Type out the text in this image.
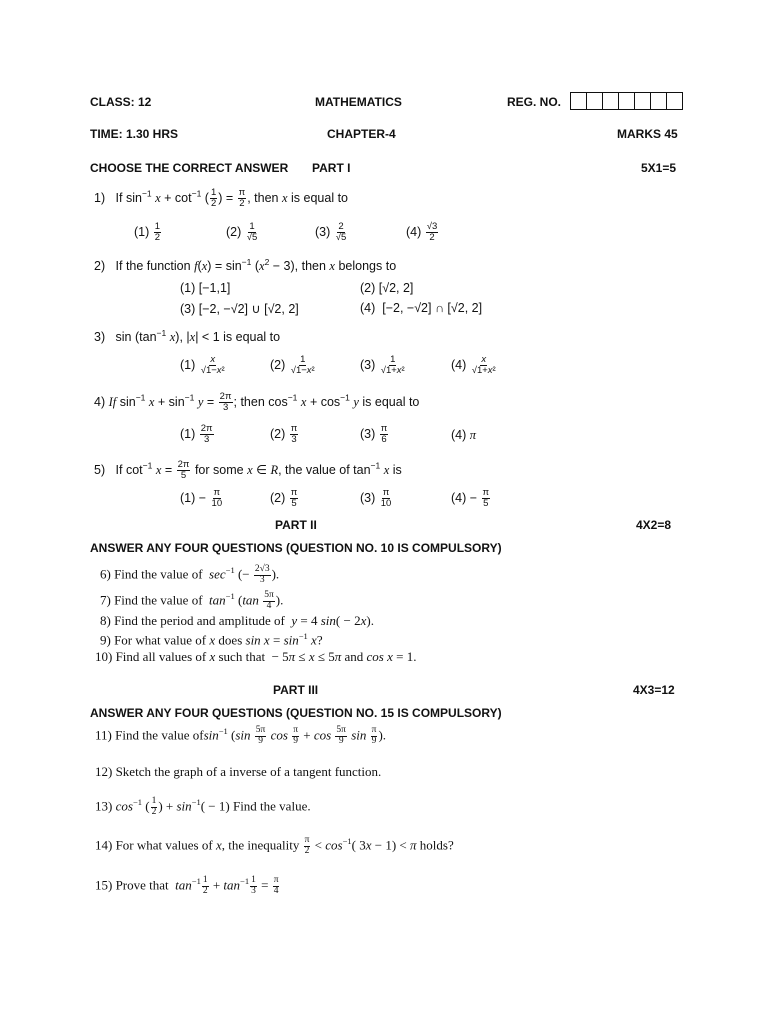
CLASS: 12	MATHEMATICS	REG. NO.
TIME: 1.30 HRS	CHAPTER-4	MARKS 45
CHOOSE THE CORRECT ANSWER PART I	5X1=5
1)   If $\sin^{-1} x + \cot^{-1}$ ( $\frac{1}{2}$ ) = $\frac{\pi}{2}$ , then x is equal to
$(1) \frac{1}{2}$	$(2) \frac{1}{√5}$	$(3) \frac{2}{√5}$	$(4) \frac{√3}{2}$
2)   If the function $f(x) = \sin^{-1} (x^2 - 3)$, then x belongs to
(1) [−1,1]	(2) [√2, 2]
(3) [−2, −√2] ∪ [√2, 2]	(4)  [−2, −√2] ∩ [√2, 2]
3)   $\sin (\tan^{-1}$ x), |x| < 1 is equal to
$(1) \frac{x}{\text{√1−x²}}$	$(2) \frac{1}{\text{√1−x²}}$	$(3) \frac{1}{\text{√1+x²}}$	$(4) \frac{x}{\text{√1+x²}}$
4) If $\sin^{-1} x + \sin^{-1} y = \frac{2\pi}{3}$ ; then $\cos^{-1} x + \cos^{-1} y$ is equal to
$(1) \frac{2\pi}{3}$	$(2) \frac{\pi}{3}$	$(3) \frac{\pi}{6}$	(4) π
5)   If $\cot^{-1} x = \frac{2\pi}{5}$ for some x ∈ R, the value of $\tan^{-1} x$ is
$(1) - \frac{\pi}{10}$	$(2) \frac{\pi}{5}$	$(3) \frac{\pi}{10}$	$(4) - \frac{\pi}{5}$
PART II	4X2=8
ANSWER ANY FOUR QUESTIONS (QUESTION NO. 10 IS COMPULSORY)
6) Find the value of  $\sec^{-1}$ (− $\frac{2√3}{3}$ ).
7) Find the value of  $\tan^{-1} (\tan \frac{5\pi}{4}$ ).
8) Find the period and amplitude of  y = 4 sin( − 2x).
9) For what value of x does $\sin x = \sin^{-1} x$?
10) Find all values of x such that  − 5π ≤ x ≤ 5π and cos x = 1.
PART III	4X3=12
ANSWER ANY FOUR QUESTIONS (QUESTION NO. 15 IS COMPULSORY)
11) Find the value ofsin$^{-1}$ ($\sin \frac{5\pi}{9}$ $\cos \frac{\pi}{9} + \cos \frac{5\pi}{9}$ $\sin \frac{\pi}{9}$ ).
12) Sketch the graph of a inverse of a tangent function.
13) $\cos^{-1}$ ( $\frac{1}{2}$ ) + $\sin^{-1}( - 1)$ Find the value.
14) For what values of x, the inequality $\frac{\pi}{2} < \cos^{-1}$( 3x − 1) < π holds?
15) Prove that  $\tan^{-1} \frac{1}{2} + \tan^{-1} \frac{1}{3} = \frac{\pi}{4}$
